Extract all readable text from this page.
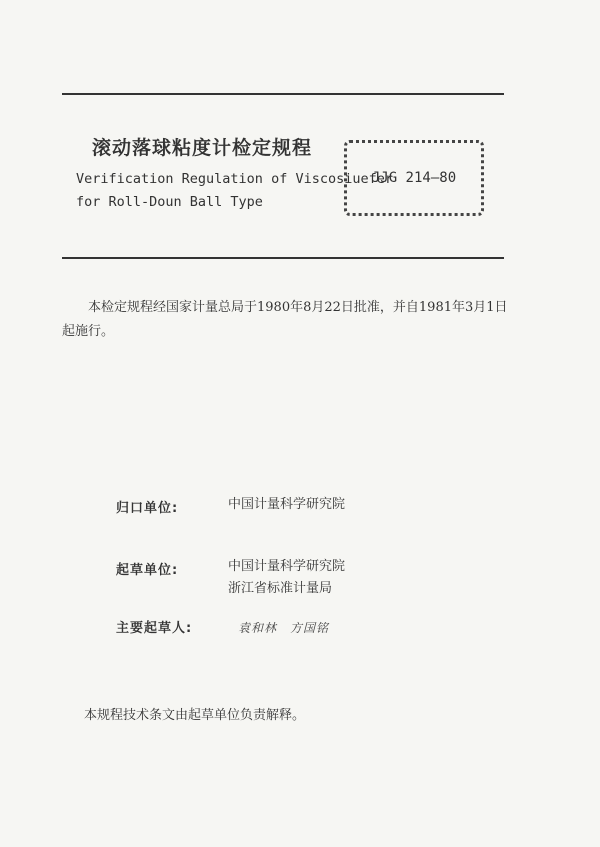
滚动落球粘度计检定规程
Verification Regulation of Viscosiuefer
for Roll-Doun Ball Type
JJG 214—80

本检定规程经国家计量总局于1980年8月22日批准，并自1981年3月1日起施行。

归口单位:	中国计量科学研究院
起草单位:	中国计量科学研究院
浙江省标准计量局
主要起草人:	袁和林　方国铭
本规程技术条文由起草单位负责解释。
